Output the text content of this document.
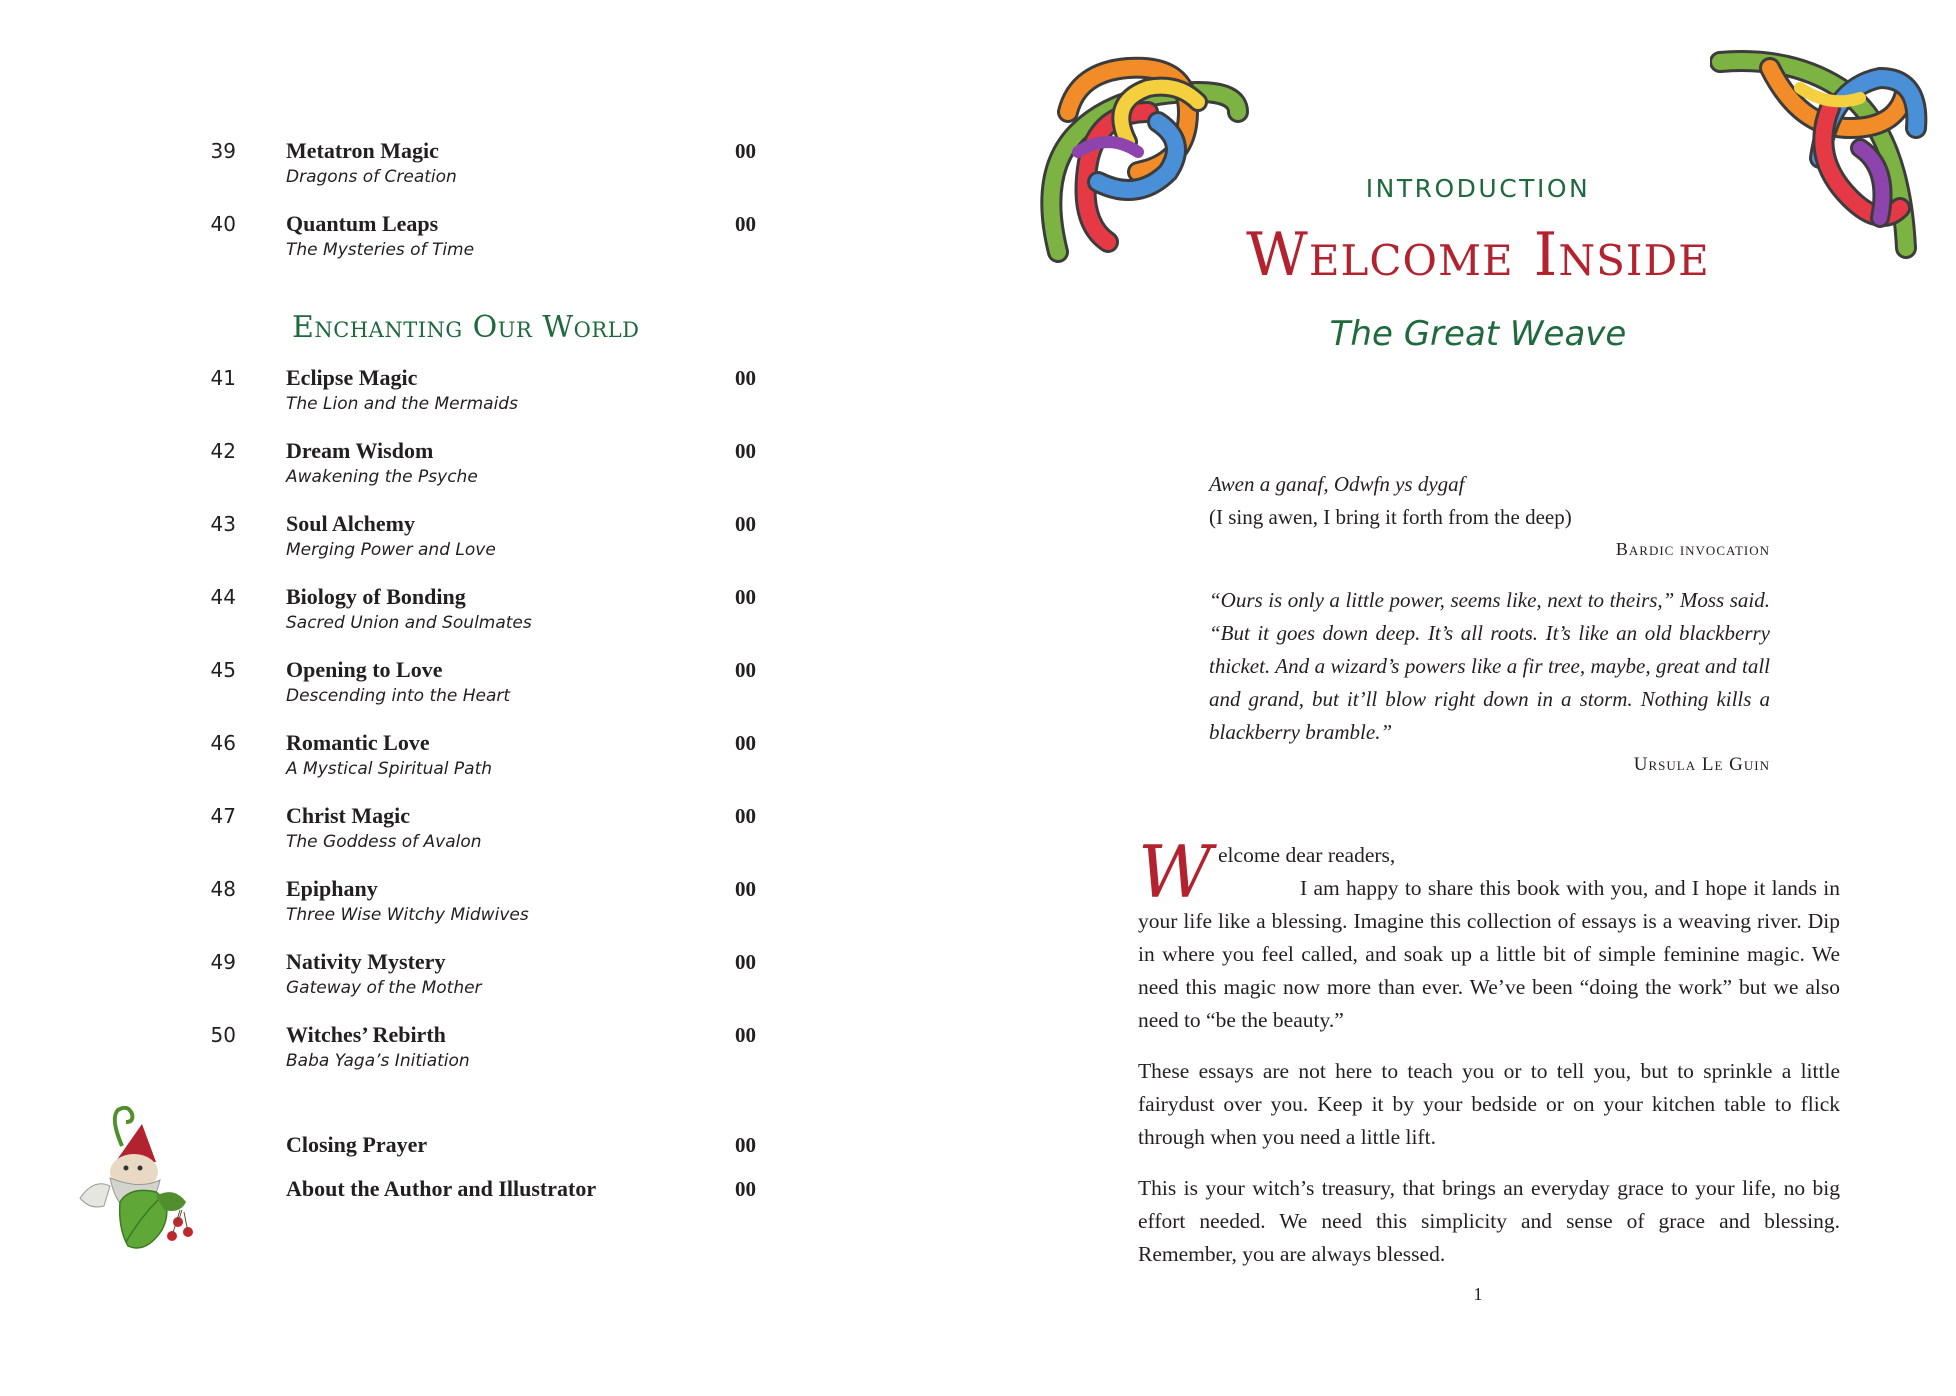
39 Metatron Magic
Dragons of Creation
00
40 Quantum Leaps
The Mysteries of Time
00
Enchanting Our World
41 Eclipse Magic
The Lion and the Mermaids
00
42 Dream Wisdom
Awakening the Psyche
00
43 Soul Alchemy
Merging Power and Love
00
44 Biology of Bonding
Sacred Union and Soulmates
00
45 Opening to Love
Descending into the Heart
00
46 Romantic Love
A Mystical Spiritual Path
00
47 Christ Magic
The Goddess of Avalon
00
48 Epiphany
Three Wise Witchy Midwives
00
49 Nativity Mystery
Gateway of the Mother
00
50 Witches’ Rebirth
Baba Yaga’s Initiation
00
Closing Prayer	00
About the Author and Illustrator	00
INTRODUCTION
Welcome Inside
The Great Weave
Awen a ganaf, Odwfn ys dygaf
(I sing awen, I bring it forth from the deep)
Bardic invocation
“Ours is only a little power, seems like, next to theirs,” Moss said. “But it goes down deep. It’s all roots. It’s like an old blackberry thicket. And a wizard’s powers like a fir tree, maybe, great and tall and grand, but it’ll blow right down in a storm. Nothing kills a blackberry bramble.”
Ursula Le Guin
W elcome dear readers,
I am happy to share this book with you, and I hope it lands in your life like a blessing. Imagine this collection of essays is a weaving river. Dip in where you feel called, and soak up a little bit of simple feminine magic. We need this magic now more than ever. We’ve been “doing the work” but we also need to “be the beauty.”
These essays are not here to teach you or to tell you, but to sprinkle a little fairydust over you. Keep it by your bedside or on your kitchen table to flick through when you need a little lift.
This is your witch’s treasury, that brings an everyday grace to your life, no big effort needed. We need this simplicity and sense of grace and blessing. Remember, you are always blessed.
1
